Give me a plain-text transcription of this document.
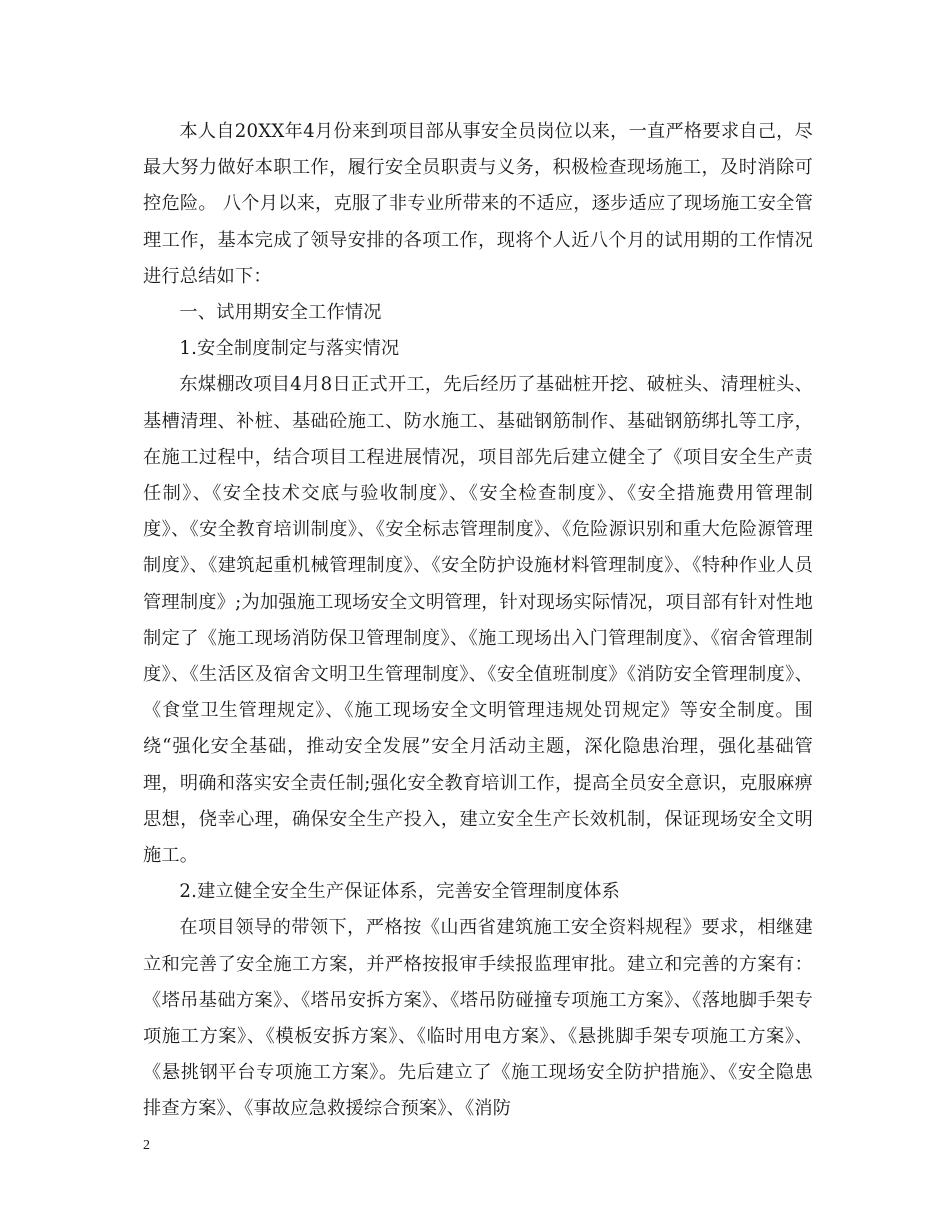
本人自20XX年4月份来到项目部从事安全员岗位以来，一直严格要求自己，尽最大努力做好本职工作，履行安全员职责与义务，积极检查现场施工，及时消除可控危险。 八个月以来，克服了非专业所带来的不适应，逐步适应了现场施工安全管理工作，基本完成了领导安排的各项工作，现将个人近八个月的试用期的工作情况进行总结如下：

一、试用期安全工作情况

1.安全制度制定与落实情况

东煤棚改项目4月8日正式开工，先后经历了基础桩开挖、破桩头、清理桩头、基槽清理、补桩、基础砼施工、防水施工、基础钢筋制作、基础钢筋绑扎等工序，在施工过程中，结合项目工程进展情况，项目部先后建立健全了《项目安全生产责任制》、《安全技术交底与验收制度》、《安全检查制度》、《安全措施费用管理制度》、《安全教育培训制度》、《安全标志管理制度》、《危险源识别和重大危险源管理制度》、《建筑起重机械管理制度》、《安全防护设施材料管理制度》、《特种作业人员管理制度》;为加强施工现场安全文明管理，针对现场实际情况，项目部有针对性地制定了《施工现场消防保卫管理制度》、《施工现场出入门管理制度》、《宿舍管理制度》、《生活区及宿舍文明卫生管理制度》、《安全值班制度》《消防安全管理制度》、《食堂卫生管理规定》、《施工现场安全文明管理违规处罚规定》等安全制度。围绕“强化安全基础，推动安全发展”安全月活动主题，深化隐患治理，强化基础管理，明确和落实安全责任制;强化安全教育培训工作，提高全员安全意识，克服麻痹思想，侥幸心理，确保安全生产投入，建立安全生产长效机制，保证现场安全文明施工。

2.建立健全安全生产保证体系，完善安全管理制度体系

在项目领导的带领下，严格按《山西省建筑施工安全资料规程》要求，相继建立和完善了安全施工方案，并严格按报审手续报监理审批。建立和完善的方案有：《塔吊基础方案》、《塔吊安拆方案》、《塔吊防碰撞专项施工方案》、《落地脚手架专项施工方案》、《模板安拆方案》、《临时用电方案》、《悬挑脚手架专项施工方案》、《悬挑钢平台专项施工方案》。先后建立了《施工现场安全防护措施》、《安全隐患排查方案》、《事故应急救援综合预案》、《消防

2
